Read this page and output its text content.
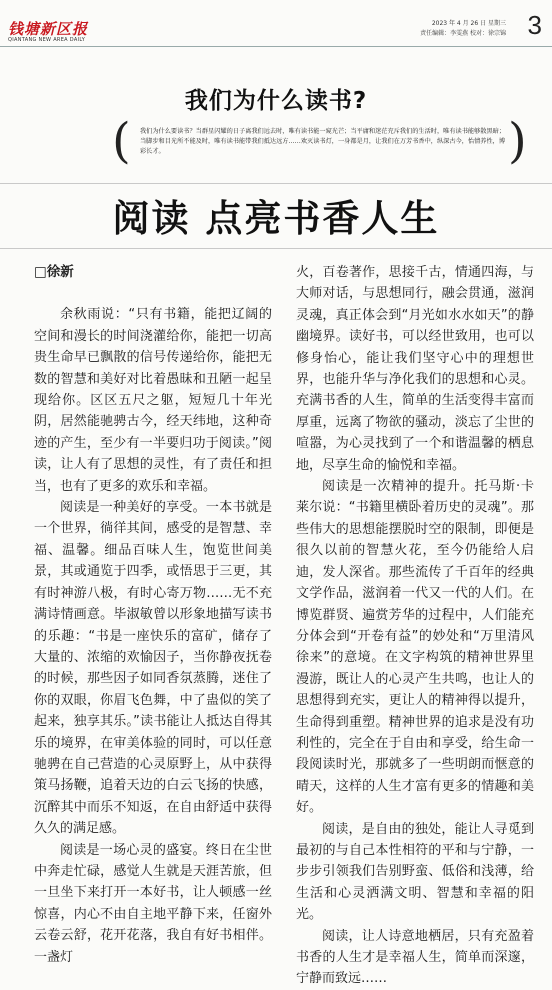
钱塘新区报
QIANTANG NEW AREA DAILY
2023 年 4 月 26 日 星期三
责任编辑：李雯燕 校对：徐宗锦 3
我们为什么读书?
( 我们为什么要读书？当群星闪耀的日子离我们远去时，唯有读书能一窥光芒；当平庸和迷茫充斥我们的生活时，唯有读书能够散黑暗；当脚步和目光所不能及时，唯有读书能带我们抵达远方……欢灭读书灯，一身都是月，让我们在万芳书香中，纵深古今，怡情养性，博彩长才。	)
阅读 点亮书香人生
□徐新

余秋雨说：“只有书籍，能把辽阔的空间和漫长的时间浇灌给你，能把一切高贵生命早已飘散的信号传递给你，能把无数的智慧和美好对比着愚昧和丑陋一起呈现给你。区区五尺之躯，短短几十年光阴，居然能驰骋古今，经天纬地，这种奇迹的产生，至少有一半要归功于阅读。”阅读，让人有了思想的灵性，有了责任和担当，也有了更多的欢乐和幸福。

阅读是一种美好的享受。一本书就是一个世界，徜徉其间，感受的是智慧、幸福、温馨。细品百味人生，饱览世间美景，其或通览于四季，或悟思于三更，其有时神游八极，有时心寄万物……无不充满诗情画意。毕淑敏曾以形象地描写读书的乐趣：“书是一座快乐的富矿，储存了大量的、浓缩的欢愉因子，当你静夜抚卷的时候，那些因子如同香氛蒸腾，迷住了你的双眼，你眉飞色舞，中了蛊似的笑了起来，独享其乐。”读书能让人抵达自得其乐的境界，在审美体验的同时，可以任意驰骋在自己营造的心灵原野上，从中获得策马扬鞭，追着天边的白云飞扬的快感，沉醉其中而乐不知返，在自由舒适中获得久久的满足感。

阅读是一场心灵的盛宴。终日在尘世中奔走忙碌，感觉人生就是天涯苦旅，但一旦坐下来打开一本好书，让人顿感一丝惊喜，内心不由自主地平静下来，任窗外云卷云舒，花开花落，我自有好书相伴。一盏灯

火，百卷著作，思接千古，情通四海，与大师对话，与思想同行，融会贯通，滋润灵魂，真正体会到“月光如水水如天”的静幽境界。读好书，可以经世致用，也可以修身怡心，能让我们坚守心中的理想世界，也能升华与净化我们的思想和心灵。充满书香的人生，简单的生活变得丰富而厚重，远离了物欲的骚动，淡忘了尘世的喧嚣，为心灵找到了一个和谐温馨的栖息地，尽享生命的愉悦和幸福。

阅读是一次精神的提升。托马斯·卡莱尔说：“书籍里横卧着历史的灵魂”。那些伟大的思想能摆脱时空的限制，即便是很久以前的智慧火花，至今仍能给人启迪，发人深省。那些流传了千百年的经典文学作品，滋润着一代又一代的人们。在博览群贤、遍赏芳华的过程中，人们能充分体会到“开卷有益”的妙处和“万里清风徐来”的意境。在文字构筑的精神世界里漫游，既让人的心灵产生共鸣，也让人的思想得到充实，更让人的精神得以提升，生命得到重塑。精神世界的追求是没有功利性的，完全在于自由和享受，给生命一段阅读时光，那就多了一些明朗而惬意的晴天，这样的人生才富有更多的情趣和美好。

阅读，是自由的独处，能让人寻觅到最初的与自己本性相符的平和与宁静，一步步引领我们告别野蛮、低俗和浅薄，给生活和心灵洒满文明、智慧和幸福的阳光。

阅读，让人诗意地栖居，只有充盈着书香的人生才是幸福人生，简单而深邃，宁静而致远……
